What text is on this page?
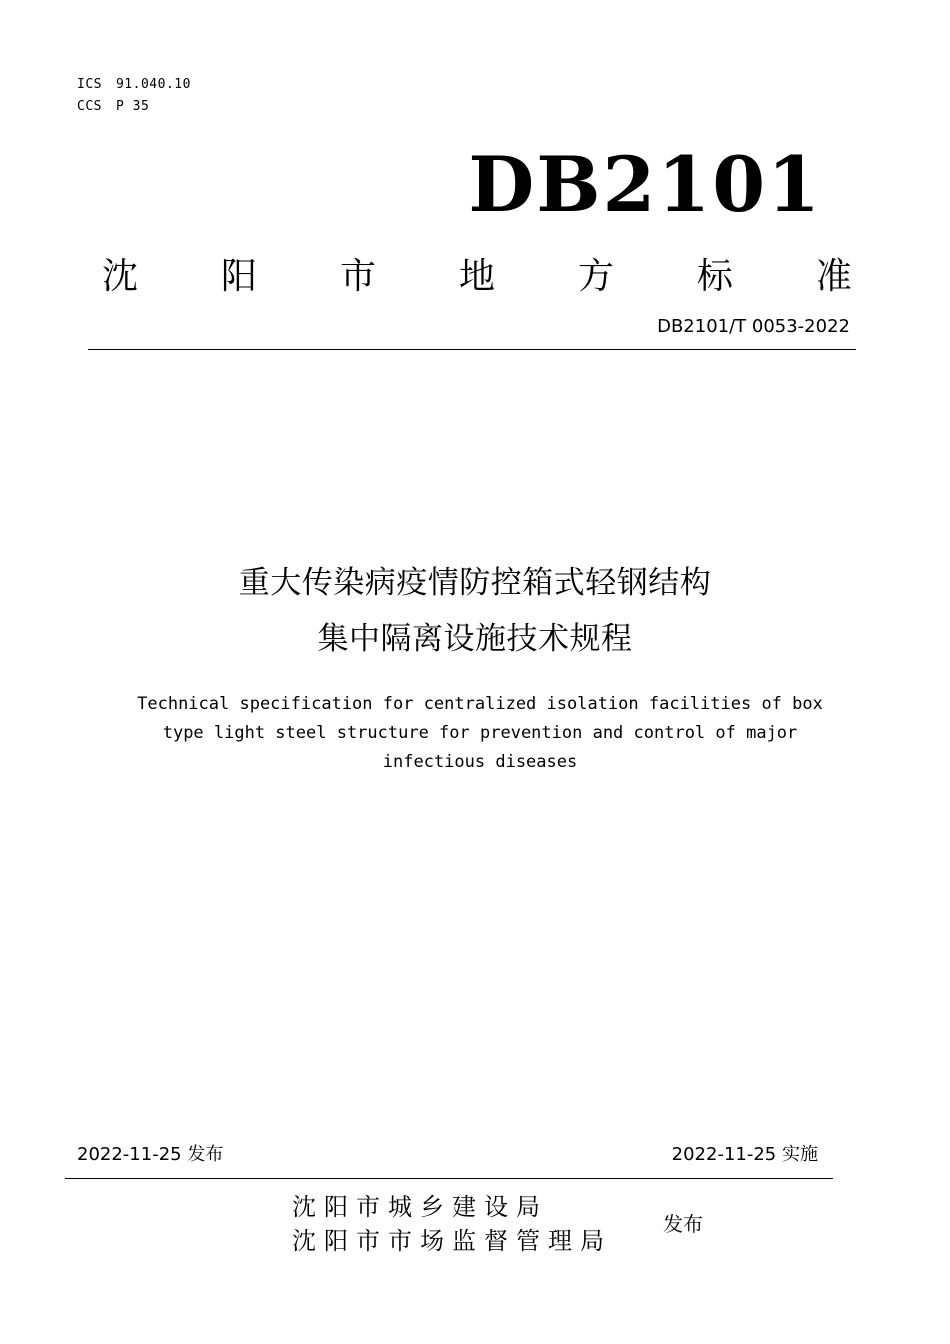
ICS 91.040.10
CCS P 35
DB2101
沈 阳 市 地 方 标 准
DB2101/T 0053-2022
重大传染病疫情防控箱式轻钢结构
集中隔离设施技术规程
Technical specification for centralized isolation facilities of box
type light steel structure for prevention and control of major
infectious diseases
2022-11-25 发布	2022-11-25 实施
沈阳市城乡建设局
沈阳市市场监督管理局
发布
